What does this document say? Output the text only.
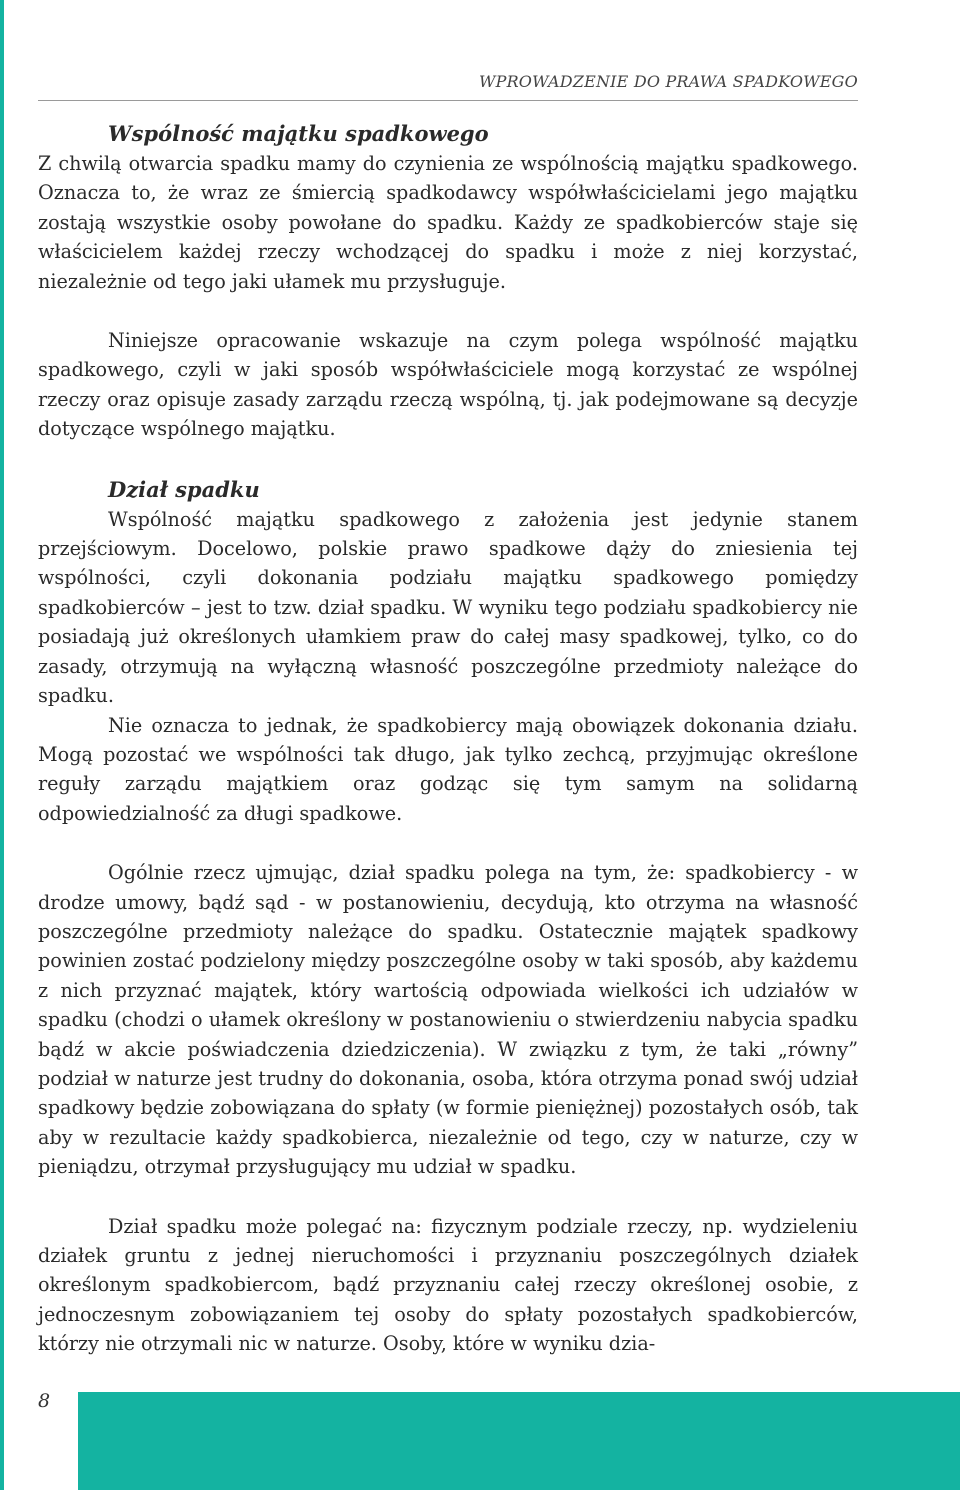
WPROWADZENIE DO PRAWA SPADKOWEGO
Wspólność majątku spadkowego

Z chwilą otwarcia spadku mamy do czynienia ze wspólnością majątku spadkowego. Oznacza to, że wraz ze śmiercią spadkodawcy współwłaścicielami jego majątku zostają wszystkie osoby powołane do spadku. Każdy ze spadkobierców staje się właścicielem każdej rzeczy wchodzącej do spadku i może z niej korzystać, niezależnie od tego jaki ułamek mu przysługuje.

Niniejsze opracowanie wskazuje na czym polega wspólność majątku spadkowego, czyli w jaki sposób współwłaściciele mogą korzystać ze wspólnej rzeczy oraz opisuje zasady zarządu rzeczą wspólną, tj. jak podejmowane są decyzje dotyczące wspólnego majątku.

Dział spadku

Wspólność majątku spadkowego z założenia jest jedynie stanem przejściowym. Docelowo, polskie prawo spadkowe dąży do zniesienia tej wspólności, czyli dokonania podziału majątku spadkowego pomiędzy spadkobierców – jest to tzw. dział spadku. W wyniku tego podziału spadkobiercy nie posiadają już określonych ułamkiem praw do całej masy spadkowej, tylko, co do zasady, otrzymują na wyłączną własność poszczególne przedmioty należące do spadku.

Nie oznacza to jednak, że spadkobiercy mają obowiązek dokonania działu. Mogą pozostać we wspólności tak długo, jak tylko zechcą, przyjmując określone reguły zarządu majątkiem oraz godząc się tym samym na solidarną odpowiedzialność za długi spadkowe.

Ogólnie rzecz ujmując, dział spadku polega na tym, że: spadkobiercy - w drodze umowy, bądź sąd - w postanowieniu, decydują, kto otrzyma na własność poszczególne przedmioty należące do spadku. Ostatecznie majątek spadkowy powinien zostać podzielony między poszczególne osoby w taki sposób, aby każdemu z nich przyznać majątek, który wartością odpowiada wielkości ich udziałów w spadku (chodzi o ułamek określony w postanowieniu o stwierdzeniu nabycia spadku bądź w akcie poświadczenia dziedziczenia). W związku z tym, że taki „równy” podział w naturze jest trudny do dokonania, osoba, która otrzyma ponad swój udział spadkowy będzie zobowiązana do spłaty (w formie pieniężnej) pozostałych osób, tak aby w rezultacie każdy spadkobierca, niezależnie od tego, czy w naturze, czy w pieniądzu, otrzymał przysługujący mu udział w spadku.

Dział spadku może polegać na: fizycznym podziale rzeczy, np. wydzieleniu działek gruntu z jednej nieruchomości i przyznaniu poszczególnych działek określonym spadkobiercom, bądź przyznaniu całej rzeczy określonej osobie, z jednoczesnym zobowiązaniem tej osoby do spłaty pozostałych spadkobierców, którzy nie otrzymali nic w naturze. Osoby, które w wyniku dzia-

8
